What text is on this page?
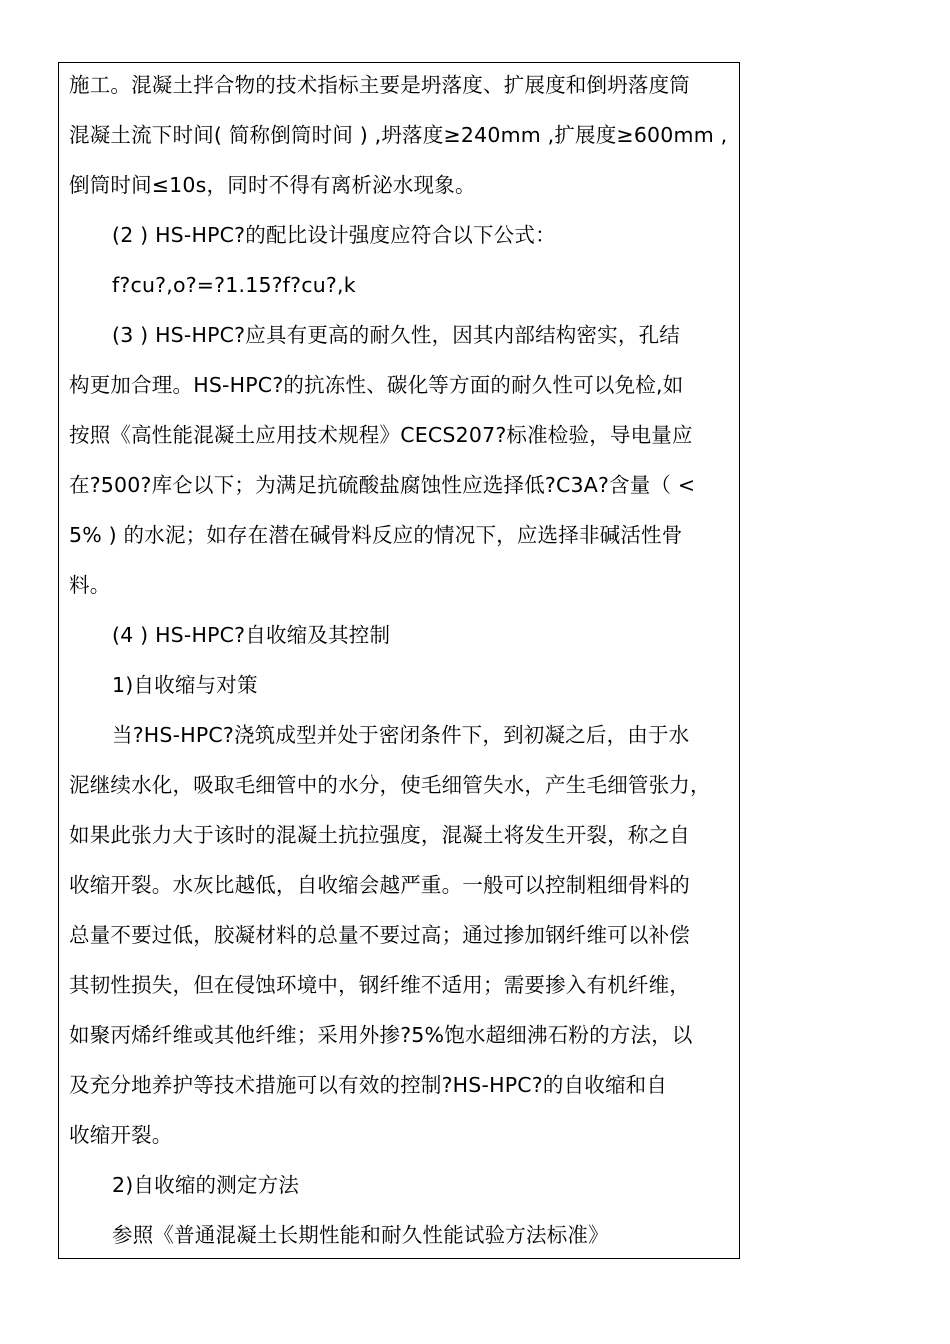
施工。混凝土拌合物的技术指标主要是坍落度、扩展度和倒坍落度筒
混凝土流下时间( 简称倒筒时间 ) ,坍落度≥240mm ,扩展度≥600mm ,
倒筒时间≤10s，同时不得有离析泌水现象。
(2 ) HS-HPC?的配比设计强度应符合以下公式：
f?cu?,o?=?1.15?f?cu?,k
(3 ) HS-HPC?应具有更高的耐久性，因其内部结构密实，孔结
构更加合理。HS-HPC?的抗冻性、碳化等方面的耐久性可以免检,如
按照《高性能混凝土应用技术规程》CECS207?标准检验，导电量应
在?500?库仑以下；为满足抗硫酸盐腐蚀性应选择低?C3A?含量（ <
5% ) 的水泥；如存在潜在碱骨料反应的情况下，应选择非碱活性骨
料。
(4 ) HS-HPC?自收缩及其控制
1)自收缩与对策
当?HS-HPC?浇筑成型并处于密闭条件下，到初凝之后，由于水
泥继续水化，吸取毛细管中的水分，使毛细管失水，产生毛细管张力，
如果此张力大于该时的混凝土抗拉强度，混凝土将发生开裂，称之自
收缩开裂。水灰比越低，自收缩会越严重。一般可以控制粗细骨料的
总量不要过低，胶凝材料的总量不要过高；通过掺加钢纤维可以补偿
其韧性损失，但在侵蚀环境中，钢纤维不适用；需要掺入有机纤维，
如聚丙烯纤维或其他纤维；采用外掺?5%饱水超细沸石粉的方法，以
及充分地养护等技术措施可以有效的控制?HS-HPC?的自收缩和自
收缩开裂。
2)自收缩的测定方法
参照《普通混凝土长期性能和耐久性能试验方法标准》
